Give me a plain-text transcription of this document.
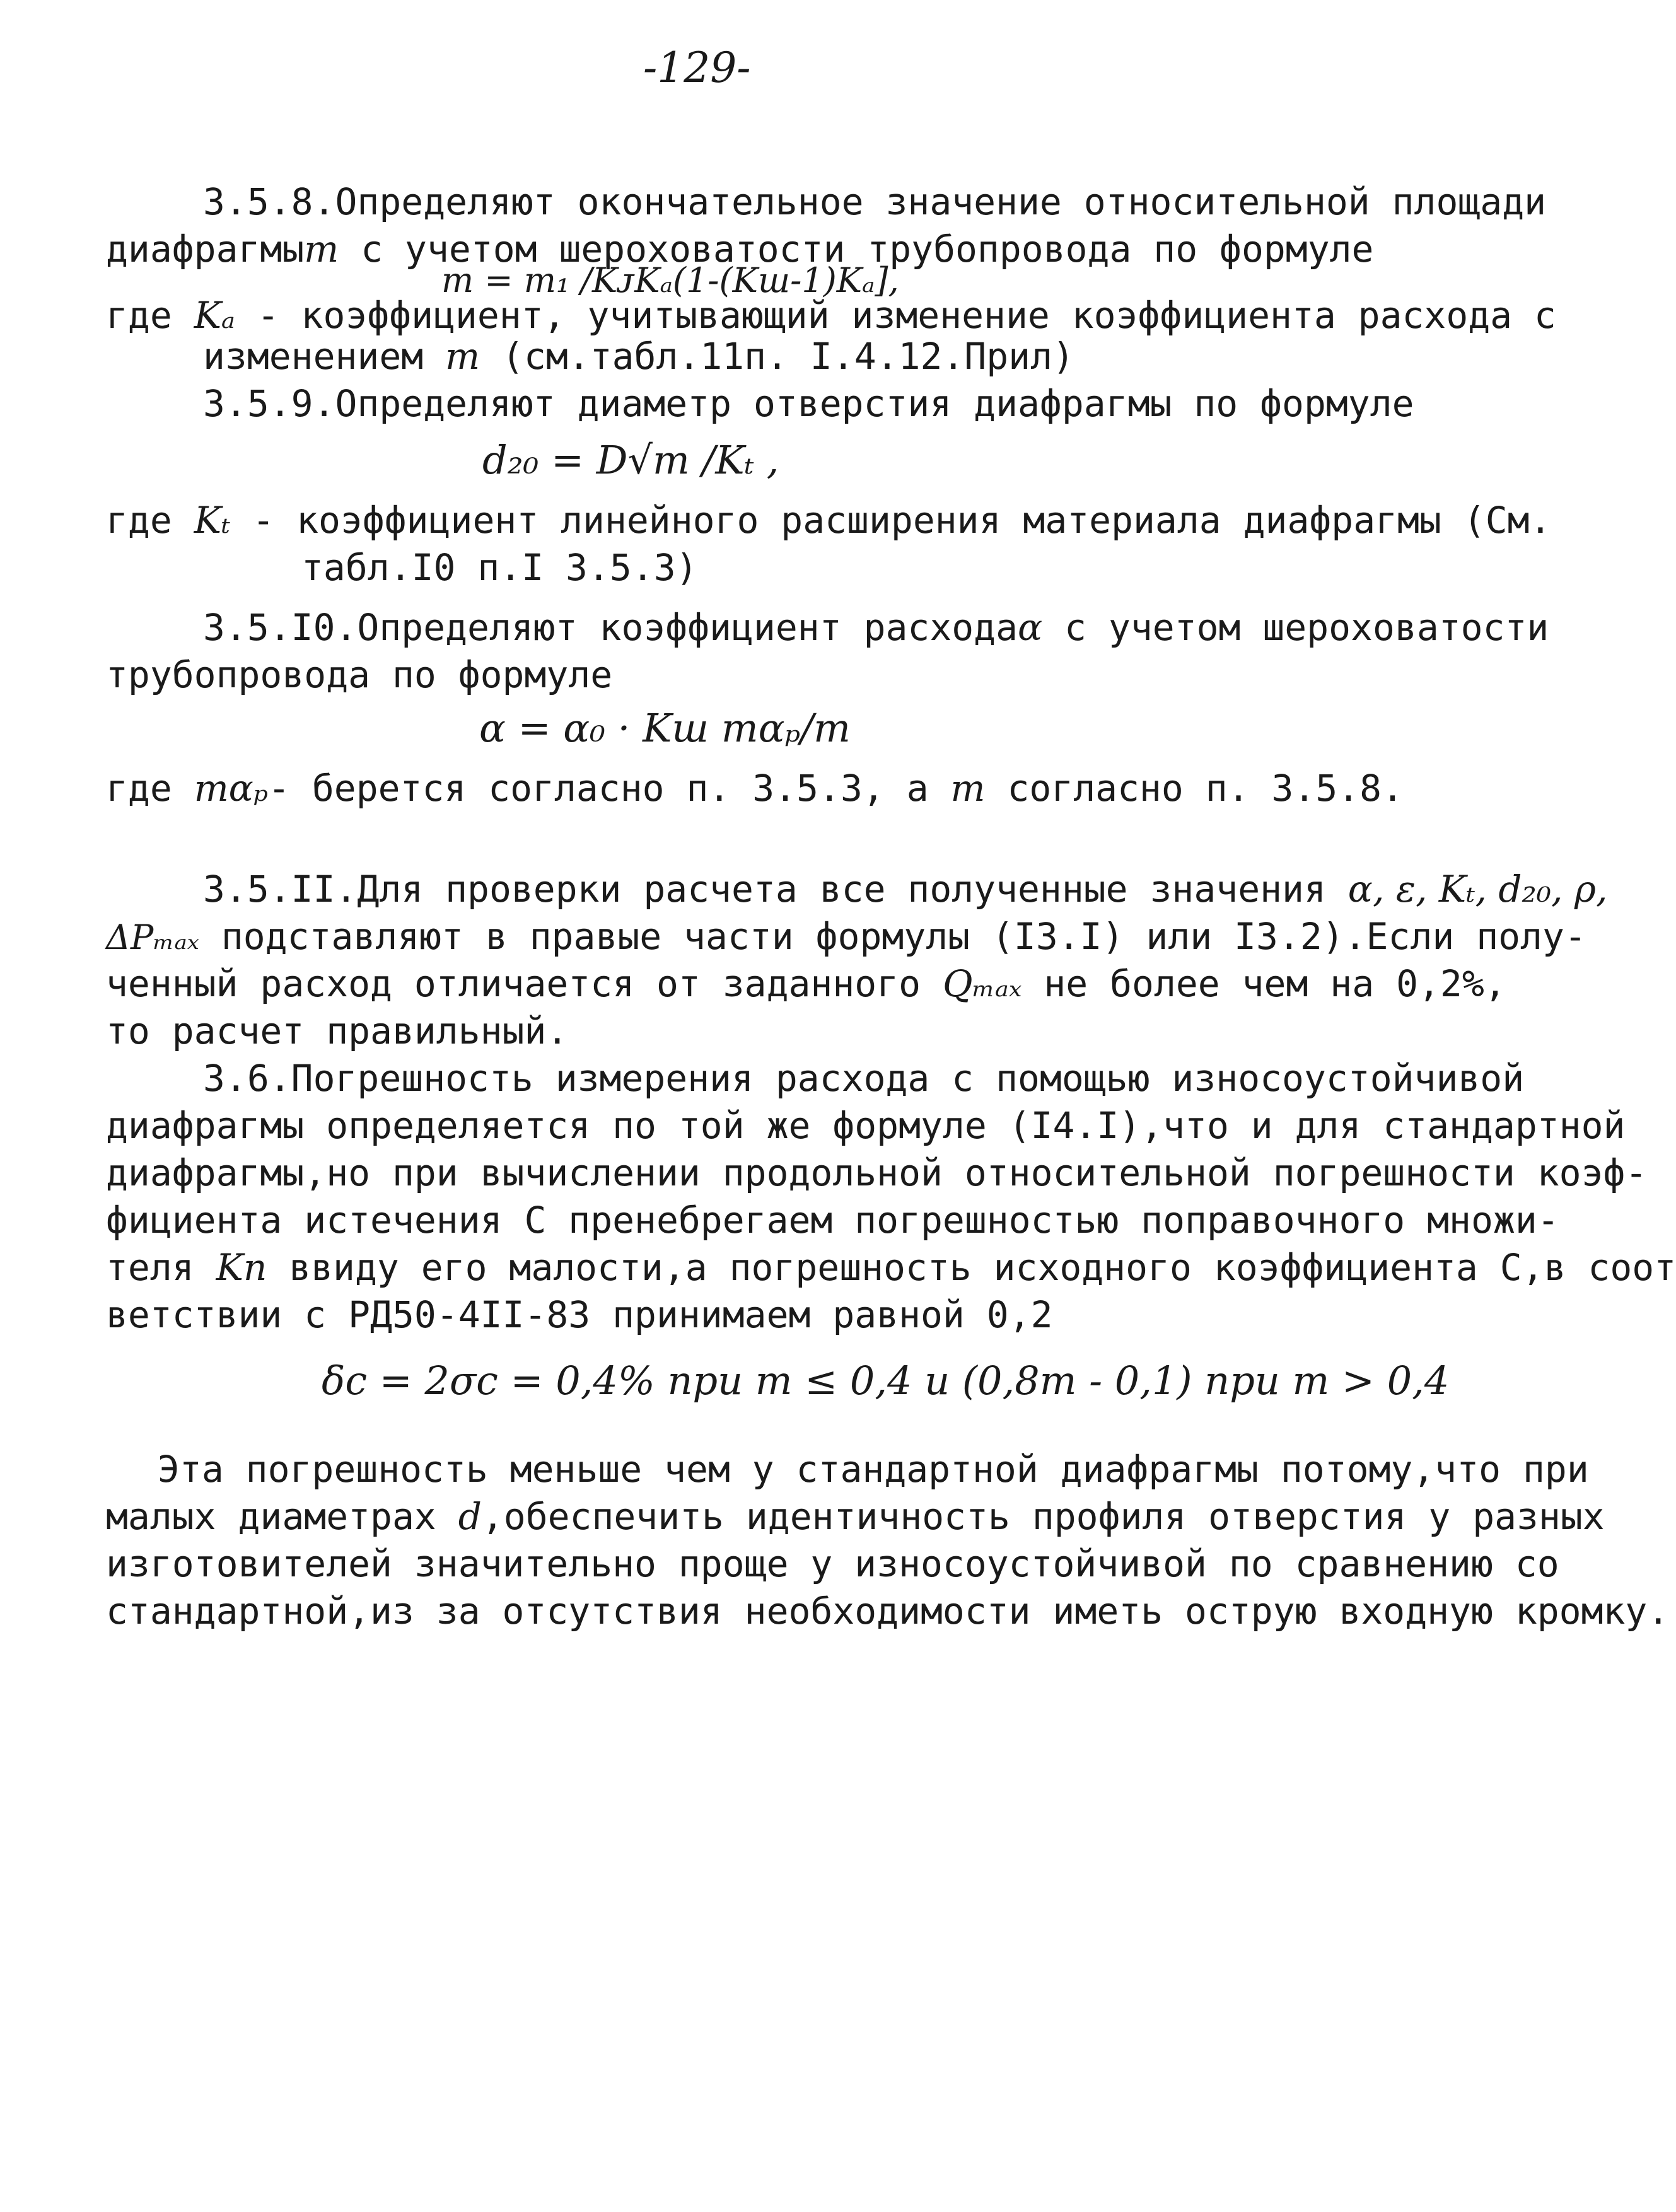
-129-
3.5.8.Определяют окончательное значение относительной площади
диафрагмыm с учетом шероховатости трубопровода по формуле
m = m₁ /KᴊKₐ(1-(Kш-1)Kₐ],
где Kₐ - коэффициент, учитывающий изменение коэффициента расхода с
изменением m (см.табл.11п. I.4.12.Прил)
3.5.9.Определяют диаметр отверстия диафрагмы по формуле
d₂₀ = D√m /Kₜ ,
где Kₜ - коэффициент линейного расширения материала диафрагмы (См.
табл.I0 п.I 3.5.3)
3.5.I0.Определяют коэффициент расходаα с учетом шероховатости
трубопровода по формуле
α = α₀ · Kш mαₚ/m
где mαₚ- берется согласно п. 3.5.3, а m согласно п. 3.5.8.
3.5.II.Для проверки расчета все полученные значения α, ε, Kₜ, d₂₀, ρ,
ΔPₘₐₓ подставляют в правые части формулы (I3.I) или I3.2).Если полу-
ченный расход отличается от заданного Qₘₐₓ не более чем на 0,2%,
то расчет правильный.
3.6.Погрешность измерения расхода с помощью износоустойчивой
диафрагмы определяется по той же формуле (I4.I),что и для стандартной
диафрагмы,но при вычислении продольной относительной погрешности коэф-
фициента истечения С пренебрегаем погрешностью поправочного множи-
теля Kп ввиду его малости,а погрешность исходного коэффициента С,в соот
ветствии с РД50-4II-83 принимаем равной 0,2
δc = 2σc = 0,4% при m ≤ 0,4 и (0,8m - 0,1) при m > 0,4
Эта погрешность меньше чем у стандартной диафрагмы потому,что при
малых диаметрах d,обеспечить идентичность профиля отверстия у разных
изготовителей значительно проще у износоустойчивой по сравнению со
стандартной,из за отсутствия необходимости иметь острую входную кромку.
